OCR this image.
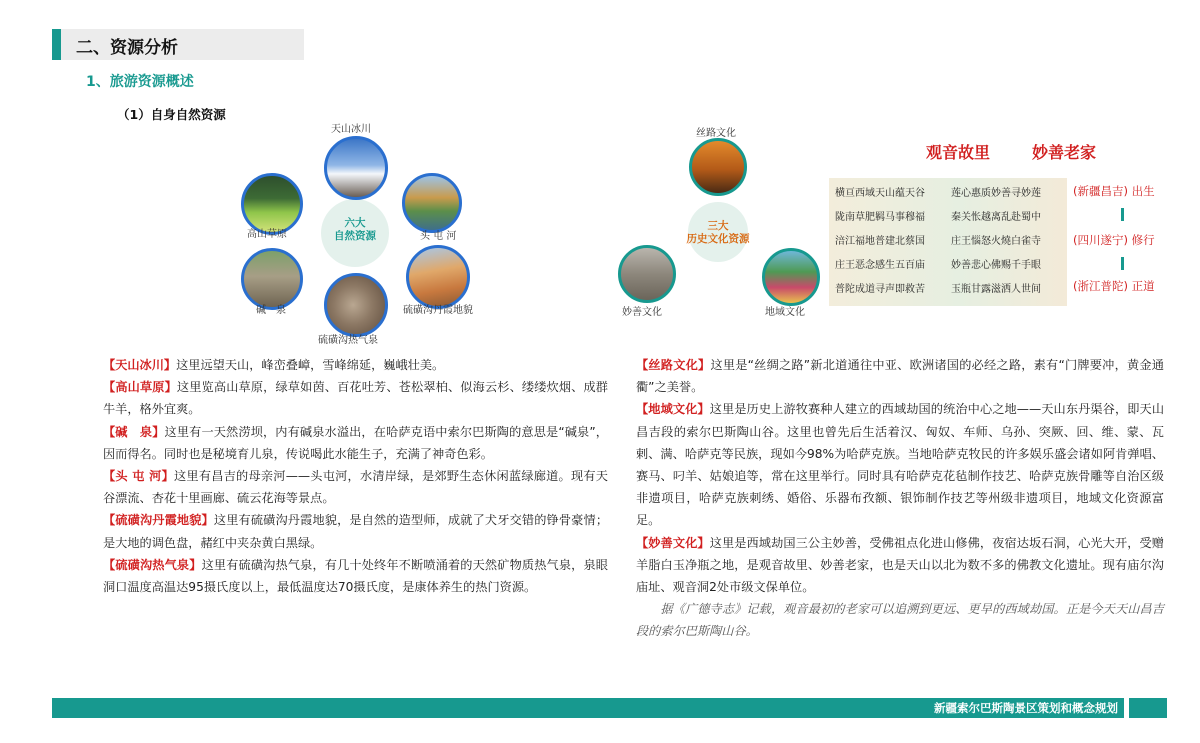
二、资源分析
1、旅游资源概述
（1）自身自然资源
六大
自然资源
天山冰川
头 屯 河
硫磺沟丹霞地貌
硫磺沟热气泉
碱　泉
高山草原
三大
历史文化资源
丝路文化
地域文化
妙善文化
观音故里	妙善老家
横亘西域天山蕴天谷
陇南草肥羁马事穆福
涪江福地普建北蔡国
庄王恶念感生五百庙
普陀成道寻声即救苦
莲心惠质妙善寻妙莲
秦关怅越离乱赴蜀中
庄王惱怒火燒白雀寺
妙善悲心佛赐千手眼
玉瓶甘露滋洒人世间
(新疆昌吉) 出生
(四川遂宁) 修行
(浙江普陀) 正道
【天山冰川】这里远望天山，峰峦叠嶂，雪峰绵延，巍峨壮美。
【高山草原】这里览高山草原，绿草如茵、百花吐芳、苍松翠柏、似海云杉、缕缕炊烟、成群牛羊，格外宜爽。
【碱　泉】这里有一天然涝坝，内有碱泉水溢出，在哈萨克语中索尔巴斯陶的意思是“碱泉”，因而得名。同时也是秘境育儿泉，传说喝此水能生子，充满了神奇色彩。
【头 屯 河】这里有昌吉的母亲河——头屯河，水清岸绿，是郊野生态休闲蓝绿廊道。现有天谷漂流、杏花十里画廊、硫云花海等景点。
【硫磺沟丹霞地貌】这里有硫磺沟丹霞地貌，是自然的造型师，成就了犬牙交错的铮骨豪情；是大地的调色盘，赭红中夹杂黄白黑绿。
【硫磺沟热气泉】这里有硫磺沟热气泉，有几十处终年不断喷涌着的天然矿物质热气泉，泉眼洞口温度高温达95摄氏度以上，最低温度达70摄氏度，是康体养生的热门资源。
【丝路文化】这里是“丝绸之路”新北道通往中亚、欧洲诸国的必经之路，素有“门牌要冲，黄金通衢”之美誉。
【地域文化】这里是历史上游牧赛种人建立的西域劫国的统治中心之地——天山东丹渠谷，即天山昌吉段的索尔巴斯陶山谷。这里也曾先后生活着汉、匈奴、车师、乌孙、突厥、回、维、蒙、瓦剌、满、哈萨克等民族，现如今98%为哈萨克族。当地哈萨克牧民的许多娱乐盛会诸如阿肯弹唱、赛马、叼羊、姑娘追等，常在这里举行。同时具有哈萨克花毡制作技艺、哈萨克族骨雕等自治区级非遗项目，哈萨克族刺绣、婚俗、乐器布孜额、银饰制作技艺等州级非遗项目，地域文化资源富足。
【妙善文化】这里是西域劫国三公主妙善，受佛祖点化进山修佛，夜宿达坂石洞，心光大开，受赠羊脂白玉净瓶之地，是观音故里、妙善老家，也是天山以北为数不多的佛教文化遗址。现有庙尔沟庙址、观音洞2处市级文保单位。
据《广德寺志》记载，观音最初的老家可以追溯到更远、更早的西域劫国。正是今天天山昌吉段的索尔巴斯陶山谷。
新疆索尔巴斯陶景区策划和概念规划
